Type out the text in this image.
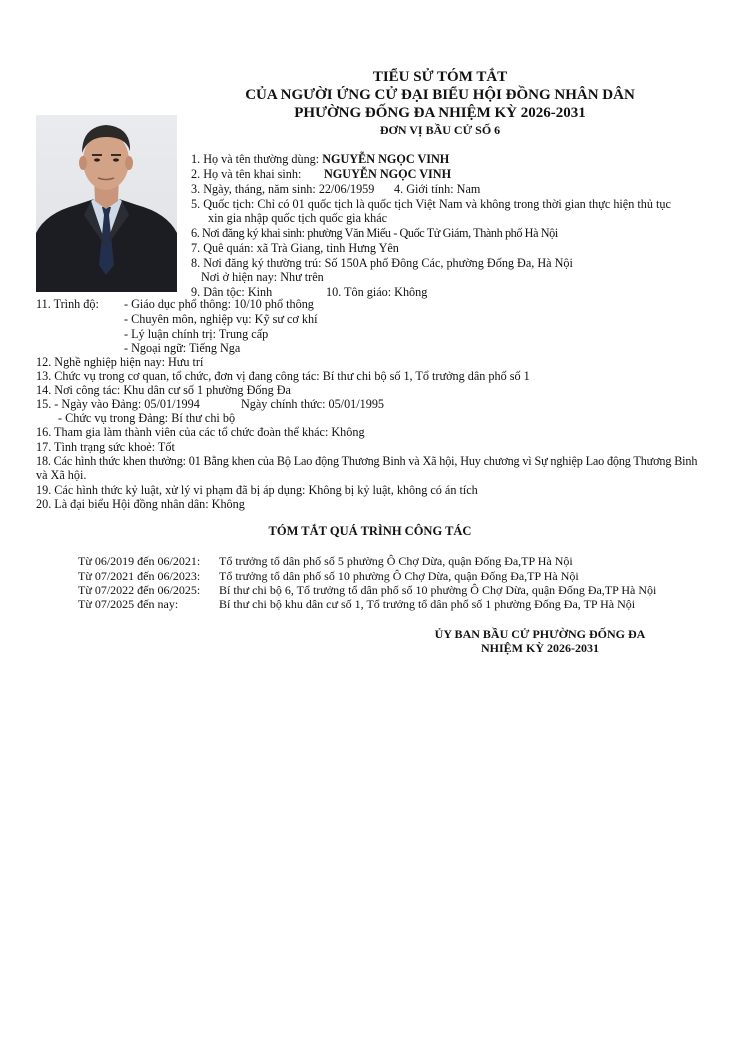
TIỂU SỬ TÓM TẮT
CỦA NGƯỜI ỨNG CỬ ĐẠI BIỂU HỘI ĐỒNG NHÂN DÂN
PHƯỜNG ĐỐNG ĐA NHIỆM KỲ 2026-2031
ĐƠN VỊ BẦU CỬ SỐ 6
1. Họ và tên thường dùng: NGUYỄN NGỌC VINH
2. Họ và tên khai sinh: NGUYỄN NGỌC VINH
3. Ngày, tháng, năm sinh: 22/06/1959 4. Giới tính: Nam
5. Quốc tịch: Chỉ có 01 quốc tịch là quốc tịch Việt Nam và không trong thời gian thực hiện thủ tục
xin gia nhập quốc tịch quốc gia khác
6. Nơi đăng ký khai sinh: phường Văn Miếu - Quốc Tử Giám, Thành phố Hà Nội
7. Quê quán: xã Trà Giang, tỉnh Hưng Yên
8. Nơi đăng ký thường trú: Số 150A phố Đông Các, phường Đống Đa, Hà Nội
Nơi ở hiện nay: Như trên
9. Dân tộc: Kinh	10. Tôn giáo: Không
11. Trình độ: - Giáo dục phổ thông: 10/10 phổ thông
- Chuyên môn, nghiệp vụ: Kỹ sư cơ khí
- Lý luận chính trị: Trung cấp
- Ngoại ngữ: Tiếng Nga
12. Nghề nghiệp hiện nay: Hưu trí
13. Chức vụ trong cơ quan, tổ chức, đơn vị đang công tác: Bí thư chi bộ số 1, Tổ trưởng dân phố số 1
14. Nơi công tác: Khu dân cư số 1 phường Đống Đa
15. - Ngày vào Đảng: 05/01/1994	Ngày chính thức: 05/01/1995
- Chức vụ trong Đảng: Bí thư chi bộ
16. Tham gia làm thành viên của các tổ chức đoàn thể khác: Không
17. Tình trạng sức khoẻ: Tốt
18. Các hình thức khen thưởng: 01 Bằng khen của Bộ Lao động Thương Binh và Xã hội, Huy chương vì Sự nghiệp Lao động Thương Binh
và Xã hội.
19. Các hình thức kỷ luật, xử lý vi phạm đã bị áp dụng: Không bị kỷ luật, không có án tích
20. Là đại biểu Hội đồng nhân dân: Không
TÓM TẮT QUÁ TRÌNH CÔNG TÁC
Từ 06/2019 đến 06/2021: Tổ trưởng tổ dân phố số 5 phường Ô Chợ Dừa, quận Đống Đa,TP Hà Nội
Từ 07/2021 đến 06/2023: Tổ trưởng tổ dân phố số 10 phường Ô Chợ Dừa, quận Đống Đa,TP Hà Nội
Từ 07/2022 đến 06/2025: Bí thư chi bộ 6, Tổ trưởng tổ dân phố số 10 phường Ô Chợ Dừa, quận Đống Đa,TP Hà Nội
Từ 07/2025 đến nay:	Bí thư chi bộ khu dân cư số 1, Tổ trưởng tổ dân phố số 1 phường Đống Đa, TP Hà Nội
ỦY BAN BẦU CỬ PHƯỜNG ĐỐNG ĐA
NHIỆM KỲ 2026-2031
